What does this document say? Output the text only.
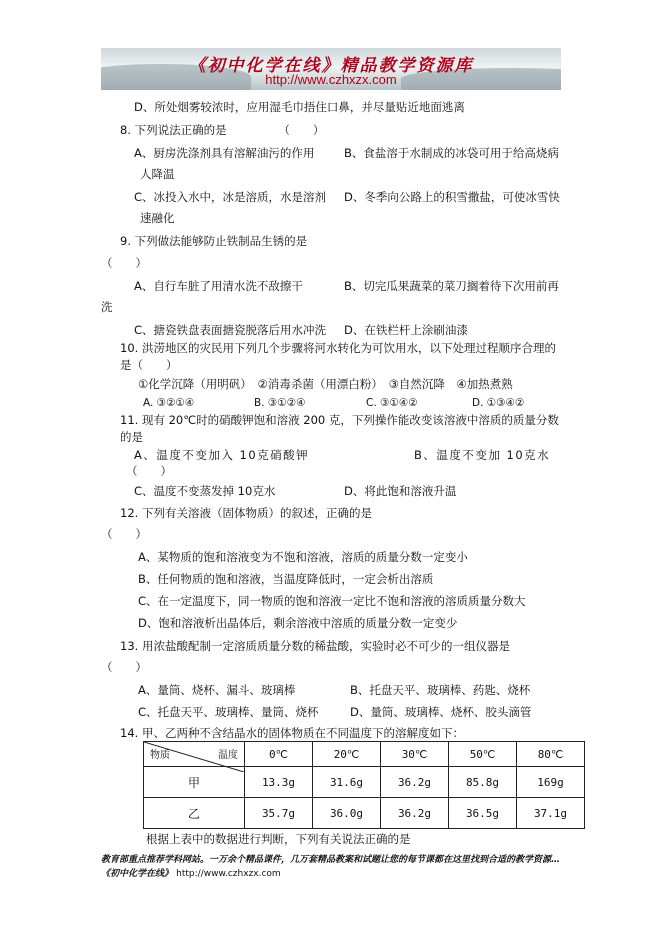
《初中化学在线》精品教学资源库
http://www.czhxzx.com
D、所处烟雾较浓时，应用湿毛巾捂住口鼻，并尽量贴近地面逃离
8. 下列说法正确的是　　　　　（　　）
A、厨房洗涤剂具有溶解油污的作用	B、食盐溶于水制成的冰袋可用于给高烧病
人降温
C、冰投入水中，冰是溶质，水是溶剂 D、冬季向公路上的积雪撒盐，可使冰雪快
速融化
9. 下列做法能够防止铁制品生锈的是
（　　）
A、自行车脏了用清水洗不敌擦干	B、切完瓜果蔬菜的菜刀搁着待下次用前再
洗
C、搪瓷铁盘表面搪瓷脱落后用水冲洗 D、在铁栏杆上涂刷油漆
10. 洪涝地区的灾民用下列几个步骤将河水转化为可饮用水，以下处理过程顺序合理的
是（　　）
①化学沉降（用明矾）　②消毒杀菌（用漂白粉）　③自然沉降　④加热煮熟
A. ③②①④	B. ③①②④	C. ③①④②	D. ①③④②
11. 现有 20℃时的硝酸钾饱和溶液 200 克，下列操作能改变该溶液中溶质的质量分数
的是
A、温度不变加入 10克硝酸钾	B、温度不变加 10克水
（　　）
C、温度不变蒸发掉 10克水	D、将此饱和溶液升温
12. 下列有关溶液（固体物质）的叙述，正确的是
（　　）
A、某物质的饱和溶液变为不饱和溶液，溶质的质量分数一定变小
B、任何物质的饱和溶液，当温度降低时，一定会析出溶质
C、在一定温度下，同一物质的饱和溶液一定比不饱和溶液的溶质质量分数大
D、饱和溶液析出晶体后，剩余溶液中溶质的质量分数一定变少
13. 用浓盐酸配制一定溶质质量分数的稀盐酸，实验时必不可少的一组仪器是
（　　）
A、量筒、烧杯、漏斗、玻璃棒	B、托盘天平、玻璃棒、药匙、烧杯
C、托盘天平、玻璃棒、量筒、烧杯	D、量筒、玻璃棒、烧杯、胶头滴管
14. 甲、乙两种不含结晶水的固体物质在不同温度下的溶解度如下：
温度
物质	0℃	20℃	30℃	50℃	80℃
甲	13.3g	31.6g	36.2g	85.8g	169g
乙	35.7g	36.0g	36.2g	36.5g	37.1g
根据上表中的数据进行判断，下列有关说法正确的是
教育部重点推荐学科网站。一万余个精品课件，几万套精品教案和试题让您的每节课都在这里找到合适的教学资源…《初中化学在线》 http://www.czhxzx.com
